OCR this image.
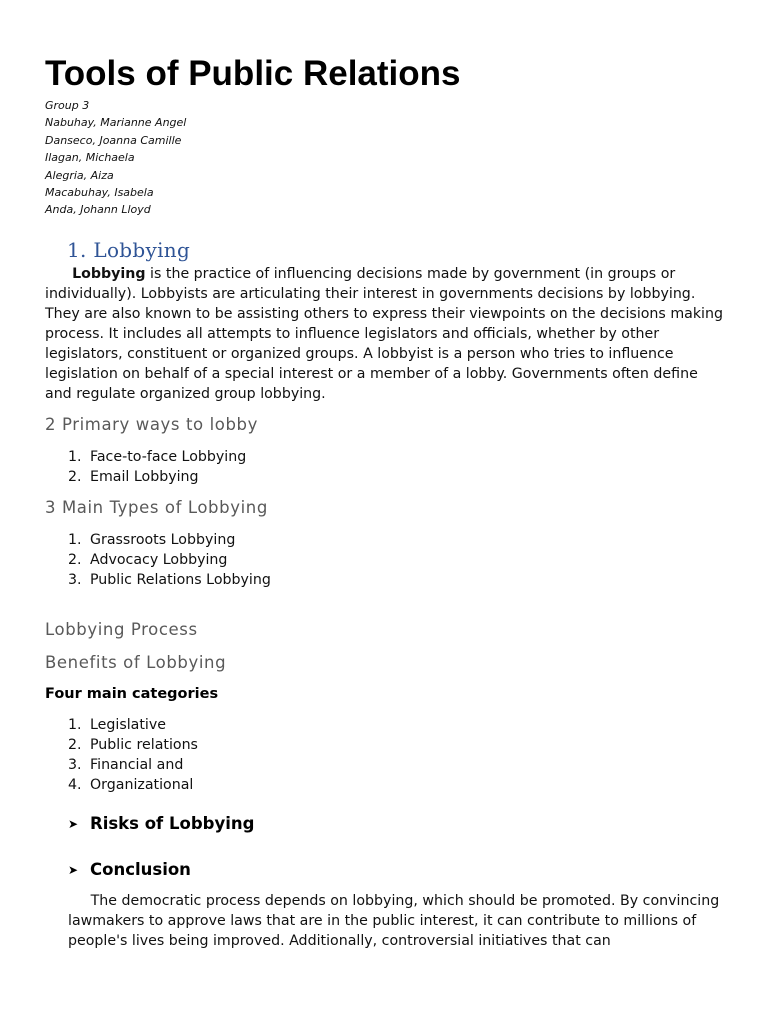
Tools of Public Relations
Group 3
Nabuhay, Marianne Angel
Danseco, Joanna Camille
Ilagan, Michaela
Alegria, Aiza
Macabuhay, Isabela
Anda, Johann Lloyd
1. Lobbying

Lobbying is the practice of influencing decisions made by government (in groups or individually). Lobbyists are articulating their interest in governments decisions by lobbying. They are also known to be assisting others to express their viewpoints on the decisions making process. It includes all attempts to influence legislators and officials, whether by other legislators, constituent or organized groups. A lobbyist is a person who tries to influence legislation on behalf of a special interest or a member of a lobby. Governments often define and regulate organized group lobbying.

2 Primary ways to lobby
1. Face-to-face Lobbying
2. Email Lobbying
3 Main Types of Lobbying
1. Grassroots Lobbying
2. Advocacy Lobbying
3. Public Relations Lobbying
Lobbying Process
Benefits of Lobbying

Four main categories

1. Legislative
2. Public relations
3. Financial and
4. Organizational
➤ Risks of Lobbying
➤ Conclusion

The democratic process depends on lobbying, which should be promoted. By convincing lawmakers to approve laws that are in the public interest, it can contribute to millions of people's lives being improved. Additionally, controversial initiatives that can
